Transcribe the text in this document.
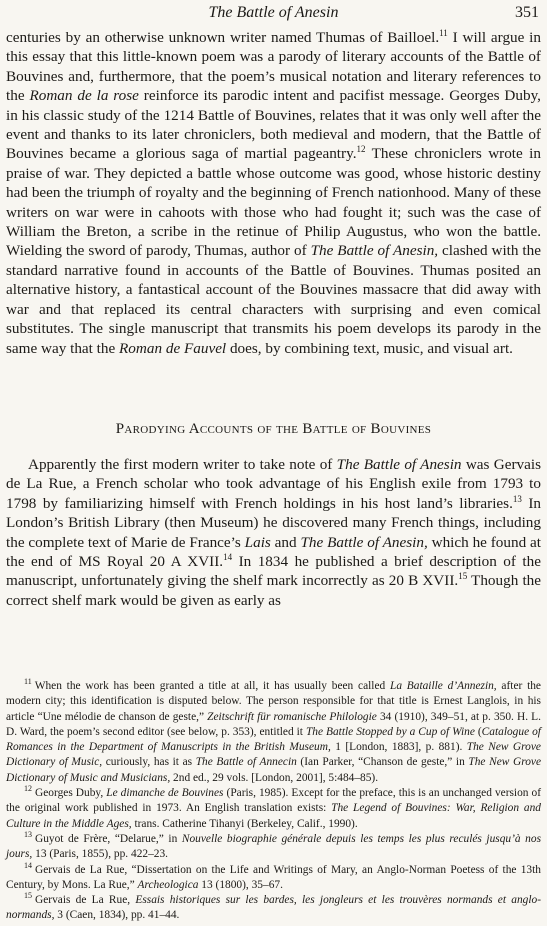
The Battle of Anesin	351

centuries by an otherwise unknown writer named Thumas of Bailloel.$^{11}$ I will argue in this essay that this little-known poem was a parody of literary accounts of the Battle of Bouvines and, furthermore, that the poem’s musical notation and literary references to the Roman de la rose reinforce its parodic intent and pacifist message. Georges Duby, in his classic study of the 1214 Battle of Bouvines, relates that it was only well after the event and thanks to its later chroniclers, both medieval and modern, that the Battle of Bouvines became a glorious saga of martial pageantry.$^{12}$ These chroniclers wrote in praise of war. They depicted a battle whose outcome was good, whose historic destiny had been the triumph of royalty and the beginning of French nationhood. Many of these writers on war were in cahoots with those who had fought it; such was the case of William the Breton, a scribe in the retinue of Philip Augustus, who won the battle. Wielding the sword of parody, Thumas, author of The Battle of Anesin, clashed with the standard narrative found in accounts of the Battle of Bouvines. Thumas posited an alternative history, a fantastical account of the Bouvines massacre that did away with war and that replaced its central characters with surprising and even comical substitutes. The single manuscript that transmits his poem develops its parody in the same way that the Roman de Fauvel does, by combining text, music, and visual art.

Parodying Accounts of the Battle of Bouvines

Apparently the first modern writer to take note of The Battle of Anesin was Gervais de La Rue, a French scholar who took advantage of his English exile from 1793 to 1798 by familiarizing himself with French holdings in his host land’s libraries.$^{13}$ In London’s British Library (then Museum) he discovered many French things, including the complete text of Marie de France’s Lais and The Battle of Anesin, which he found at the end of MS Royal 20 A XVII.$^{14}$ In 1834 he published a brief description of the manuscript, unfortunately giving the shelf mark incorrectly as 20 B XVII.$^{15}$ Though the correct shelf mark would be given as early as

$^{11}$ When the work has been granted a title at all, it has usually been called La Bataille d’Annezin, after the modern city; this identification is disputed below. The person responsible for that title is Ernest Langlois, in his article “Une mélodie de chanson de geste,” Zeitschrift für romanische Philologie 34 (1910), 349–51, at p. 350. H. L. D. Ward, the poem’s second editor (see below, p. 353), entitled it The Battle Stopped by a Cup of Wine (Catalogue of Romances in the Department of Manuscripts in the British Museum, 1 [London, 1883], p. 881). The New Grove Dictionary of Music, curiously, has it as The Battle of Annecin (Ian Parker, “Chanson de geste,” in The New Grove Dictionary of Music and Musicians, 2nd ed., 29 vols. [London, 2001], 5:484–85).

$^{12}$ Georges Duby, Le dimanche de Bouvines (Paris, 1985). Except for the preface, this is an unchanged version of the original work published in 1973. An English translation exists: The Legend of Bouvines: War, Religion and Culture in the Middle Ages, trans. Catherine Tihanyi (Berkeley, Calif., 1990).

$^{13}$ Guyot de Frère, “Delarue,” in Nouvelle biographie générale depuis les temps les plus reculés jusqu’à nos jours, 13 (Paris, 1855), pp. 422–23.

$^{14}$ Gervais de La Rue, “Dissertation on the Life and Writings of Mary, an Anglo-Norman Poetess of the 13th Century, by Mons. La Rue,” Archeologica 13 (1800), 35–67.

$^{15}$ Gervais de La Rue, Essais historiques sur les bardes, les jongleurs et les trouvères normands et anglo-normands, 3 (Caen, 1834), pp. 41–44.
